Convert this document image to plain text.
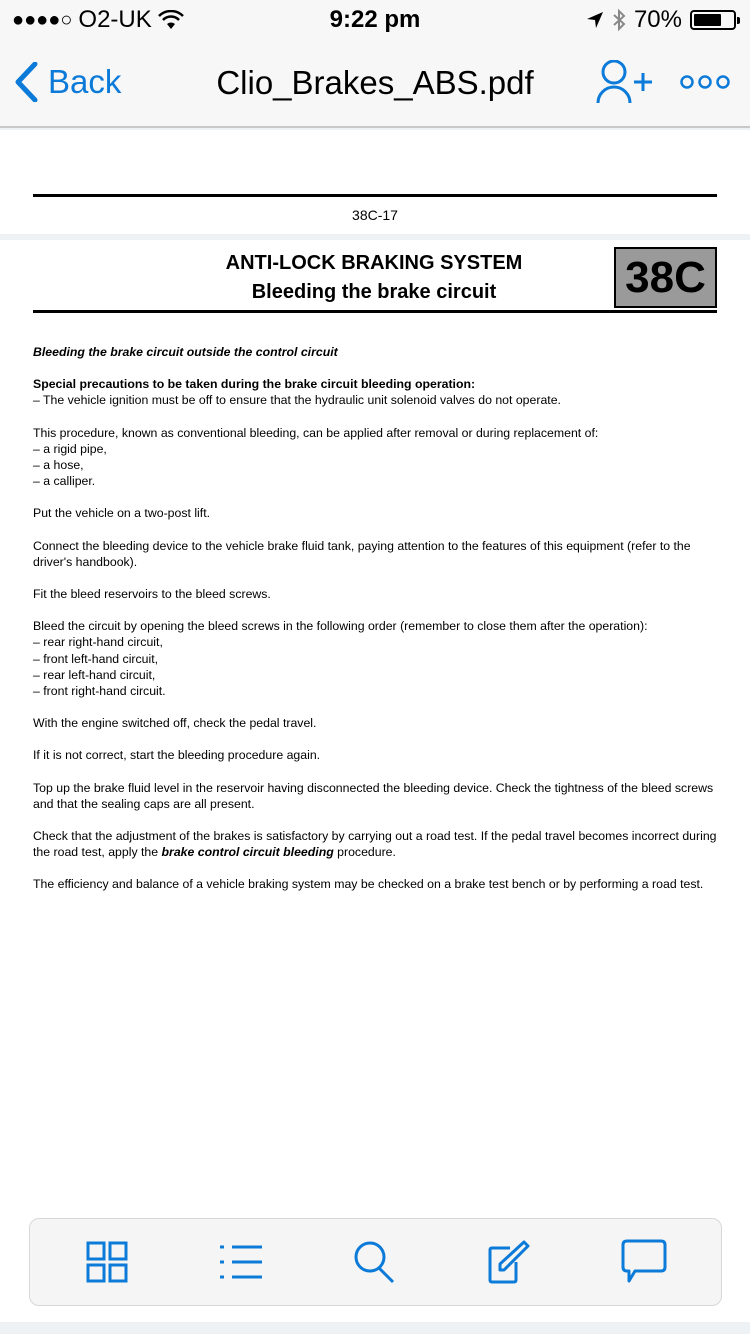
●●●●○ O2-UK	9:22 pm	70%
Back	Clio_Brakes_ABS.pdf
38C-17
ANTI-LOCK BRAKING SYSTEM
Bleeding the brake circuit	38C

Bleeding the brake circuit outside the control circuit

Special precautions to be taken during the brake circuit bleeding operation:
– The vehicle ignition must be off to ensure that the hydraulic unit solenoid valves do not operate.

This procedure, known as conventional bleeding, can be applied after removal or during replacement of:
– a rigid pipe,
– a hose,
– a calliper.

Put the vehicle on a two-post lift.

Connect the bleeding device to the vehicle brake fluid tank, paying attention to the features of this equipment (refer to the driver's handbook).

Fit the bleed reservoirs to the bleed screws.

Bleed the circuit by opening the bleed screws in the following order (remember to close them after the operation):
– rear right-hand circuit,
– front left-hand circuit,
– rear left-hand circuit,
– front right-hand circuit.

With the engine switched off, check the pedal travel.

If it is not correct, start the bleeding procedure again.

Top up the brake fluid level in the reservoir having disconnected the bleeding device. Check the tightness of the bleed screws and that the sealing caps are all present.

Check that the adjustment of the brakes is satisfactory by carrying out a road test. If the pedal travel becomes incorrect during the road test, apply the brake control circuit bleeding procedure.

The efficiency and balance of a vehicle braking system may be checked on a brake test bench or by performing a road test.
